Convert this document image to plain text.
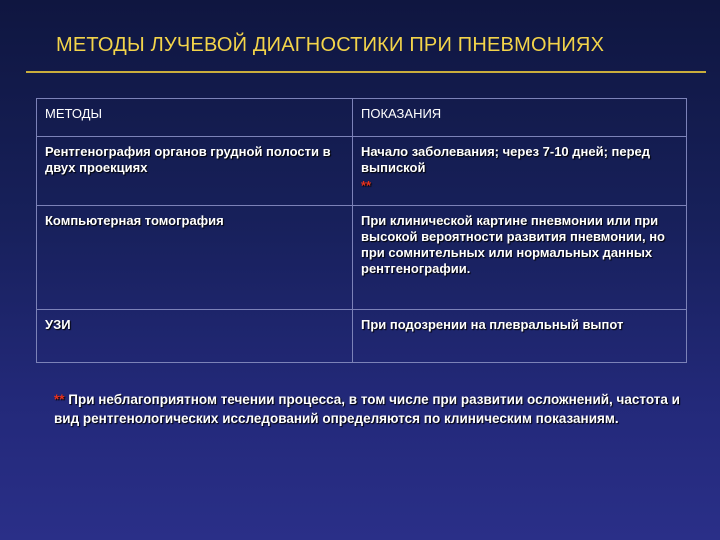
МЕТОДЫ ЛУЧЕВОЙ ДИАГНОСТИКИ ПРИ ПНЕВМОНИЯХ
МЕТОДЫ	ПОКАЗАНИЯ
Рентгенография органов грудной полости в двух проекциях	Начало заболевания; через 7-10 дней; перед выпиской
**

Компьютерная томография	При клинической картине пневмонии или при высокой вероятности развития пневмонии, но при сомнительных или нормальных данных рентгенографии.
УЗИ	При подозрении на плевральный выпот
** При неблагоприятном течении процесса, в том числе при развитии осложнений, частота и вид рентгенологических исследований определяются по клиническим показаниям.
